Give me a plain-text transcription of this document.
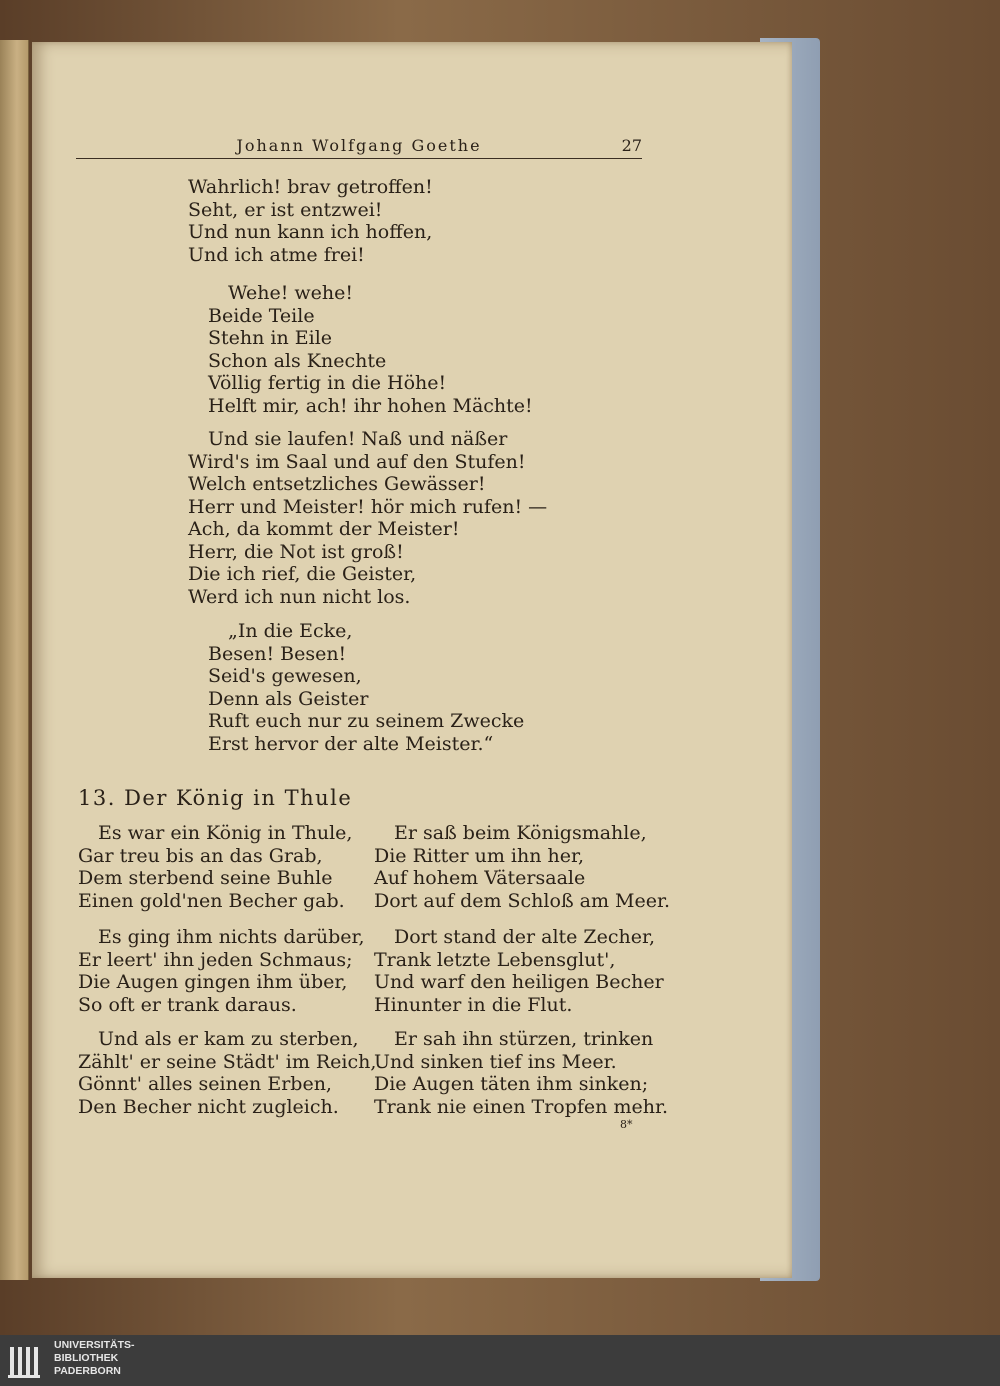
Johann Wolfgang Goethe	27
Wahrlich! brav getroffen!
Seht, er ist entzwei!
Und nun kann ich hoffen,
Und ich atme frei!
Wehe! wehe!
Beide Teile
Stehn in Eile
Schon als Knechte
Völlig fertig in die Höhe!
Helft mir, ach! ihr hohen Mächte!
Und sie laufen! Naß und näßer
Wird's im Saal und auf den Stufen!
Welch entsetzliches Gewässer!
Herr und Meister! hör mich rufen! —
Ach, da kommt der Meister!
Herr, die Not ist groß!
Die ich rief, die Geister,
Werd ich nun nicht los.
„In die Ecke,
Besen! Besen!
Seid's gewesen,
Denn als Geister
Ruft euch nur zu seinem Zwecke
Erst hervor der alte Meister.“
13. Der König in Thule
Es war ein König in Thule,
Gar treu bis an das Grab,
Dem sterbend seine Buhle
Einen gold'nen Becher gab.
Es ging ihm nichts darüber,
Er leert' ihn jeden Schmaus;
Die Augen gingen ihm über,
So oft er trank daraus.
Und als er kam zu sterben,
Zählt' er seine Städt' im Reich,
Gönnt' alles seinen Erben,
Den Becher nicht zugleich.
Er saß beim Königsmahle,
Die Ritter um ihn her,
Auf hohem Vätersaale
Dort auf dem Schloß am Meer.
Dort stand der alte Zecher,
Trank letzte Lebensglut',
Und warf den heiligen Becher
Hinunter in die Flut.
Er sah ihn stürzen, trinken
Und sinken tief ins Meer.
Die Augen täten ihm sinken;
Trank nie einen Tropfen mehr.
8*
UNIVERSITÄTS-
BIBLIOTHEK
PADERBORN
